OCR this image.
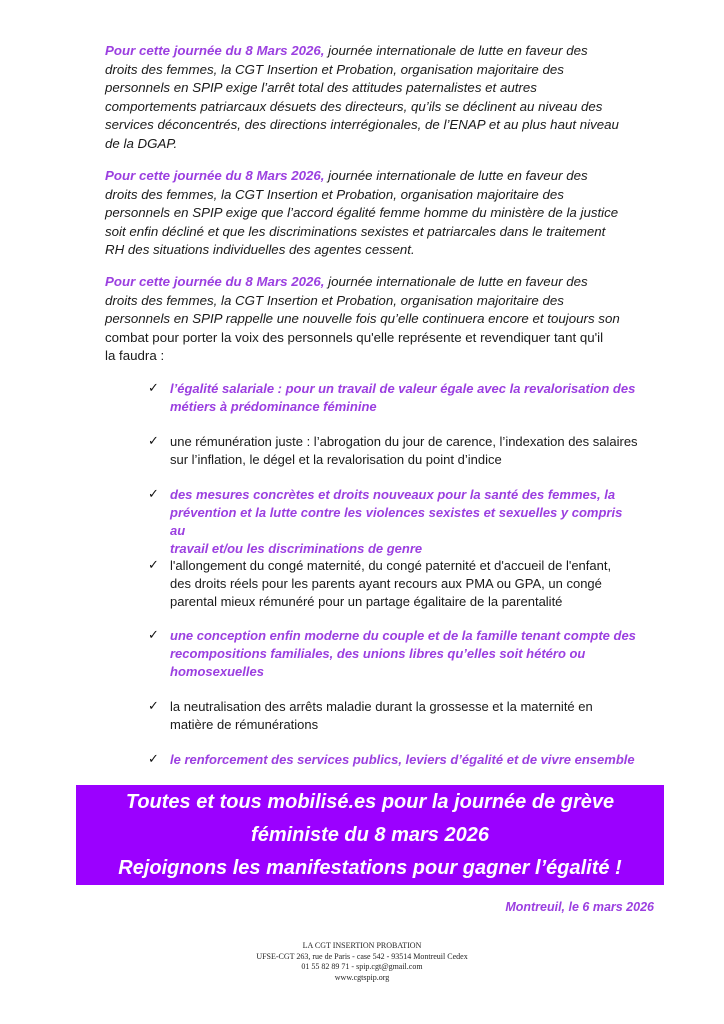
Pour cette journée du 8 Mars 2026, journée internationale de lutte en faveur des
droits des femmes, la CGT Insertion et Probation, organisation majoritaire des
personnels en SPIP exige l’arrêt total des attitudes paternalistes et autres
comportements patriarcaux désuets des directeurs, qu’ils se déclinent au niveau des
services déconcentrés, des directions interrégionales, de l’ENAP et au plus haut niveau
de la DGAP.
Pour cette journée du 8 Mars 2026, journée internationale de lutte en faveur des
droits des femmes, la CGT Insertion et Probation, organisation majoritaire des
personnels en SPIP exige que l’accord égalité femme homme du ministère de la justice
soit enfin décliné et que les discriminations sexistes et patriarcales dans le traitement
RH des situations individuelles des agentes cessent.
Pour cette journée du 8 Mars 2026, journée internationale de lutte en faveur des
droits des femmes, la CGT Insertion et Probation, organisation majoritaire des
personnels en SPIP rappelle une nouvelle fois qu’elle continuera encore et toujours son
combat pour porter la voix des personnels qu'elle représente et revendiquer tant qu'il
la faudra :
✓ l’égalité salariale : pour un travail de valeur égale avec la revalorisation des
métiers à prédominance féminine
✓ une rémunération juste : l’abrogation du jour de carence, l’indexation des salaires
sur l’inflation, le dégel et la revalorisation du point d’indice
✓ des mesures concrètes et droits nouveaux pour la santé des femmes, la
prévention et la lutte contre les violences sexistes et sexuelles y compris au
travail et/ou les discriminations de genre
✓ l'allongement du congé maternité, du congé paternité et d'accueil de l'enfant,
des droits réels pour les parents ayant recours aux PMA ou GPA, un congé
parental mieux rémunéré pour un partage égalitaire de la parentalité
✓ une conception enfin moderne du couple et de la famille tenant compte des
recompositions familiales, des unions libres qu’elles soit hétéro ou
homosexuelles
✓ la neutralisation des arrêts maladie durant la grossesse et la maternité en
matière de rémunérations
✓ le renforcement des services publics, leviers d’égalité et de vivre ensemble
Toutes et tous mobilisé.es pour la journée de grève
féministe du 8 mars 2026
Rejoignons les manifestations pour gagner l’égalité !
Montreuil, le 6 mars 2026
LA CGT INSERTION PROBATION
UFSE-CGT 263, rue de Paris - case 542 - 93514 Montreuil Cedex
01 55 82 89 71 - spip.cgt@gmail.com
www.cgtspip.org
